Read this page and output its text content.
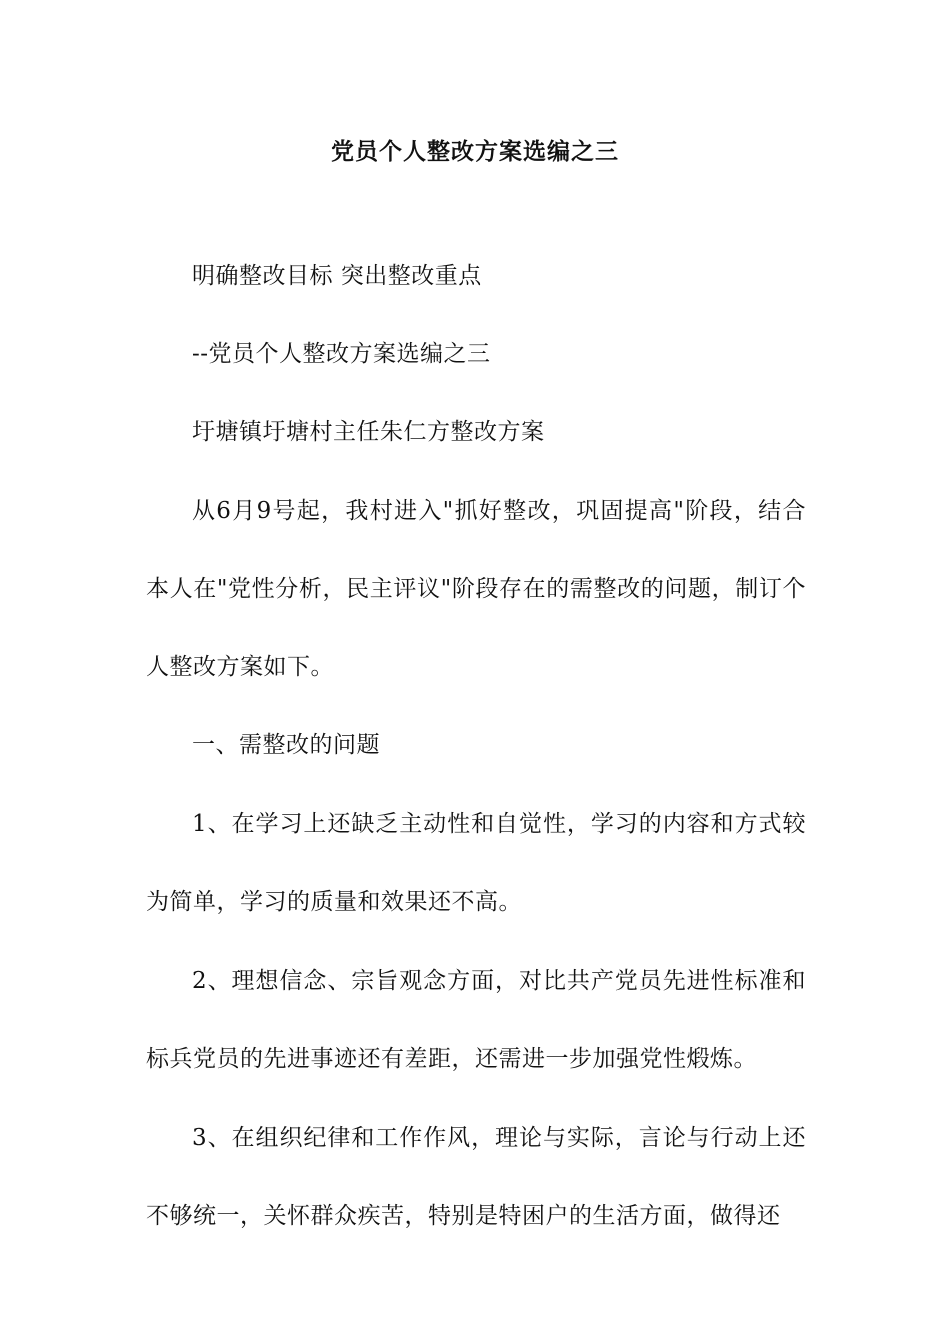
党员个人整改方案选编之三

明确整改目标 突出整改重点

--党员个人整改方案选编之三

圩塘镇圩塘村主任朱仁方整改方案

从6月9号起，我村进入"抓好整改，巩固提高"阶段，结合本人在"党性分析，民主评议"阶段存在的需整改的问题，制订个人整改方案如下。

一、需整改的问题

1、在学习上还缺乏主动性和自觉性，学习的内容和方式较为简单，学习的质量和效果还不高。

2、理想信念、宗旨观念方面，对比共产党员先进性标准和标兵党员的先进事迹还有差距，还需进一步加强党性煅炼。

3、在组织纪律和工作作风，理论与实际，言论与行动上还不够统一，关怀群众疾苦，特别是特困户的生活方面，做得还
